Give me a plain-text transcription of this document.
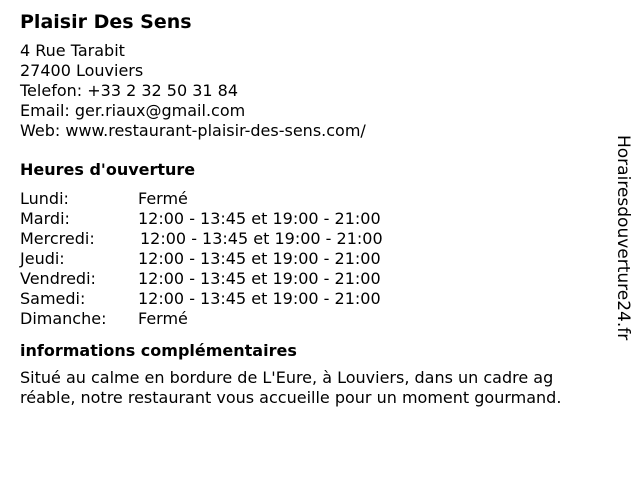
Plaisir Des Sens
4 Rue Tarabit
27400 Louviers
Telefon: +33 2 32 50 31 84
Email: ger.riaux@gmail.com
Web: www.restaurant-plaisir-des-sens.com/
Heures d'ouverture
Lundi:	Fermé
Mardi:	12:00 - 13:45 et 19:00 - 21:00
Mercredi:	12:00 - 13:45 et 19:00 - 21:00
Jeudi:	12:00 - 13:45 et 19:00 - 21:00
Vendredi:	12:00 - 13:45 et 19:00 - 21:00
Samedi:	12:00 - 13:45 et 19:00 - 21:00
Dimanche:	Fermé
informations complémentaires
Situé au calme en bordure de L'Eure, à Louviers, dans un cadre ag
réable, notre restaurant vous accueille pour un moment gourmand.
Horairesdouverture24.fr
